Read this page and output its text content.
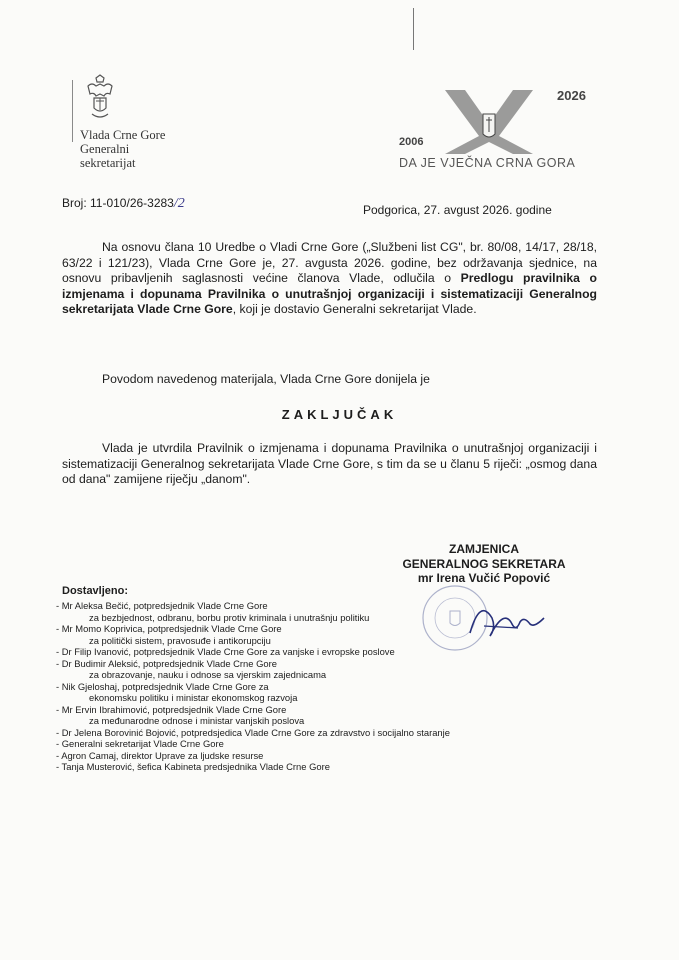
Vlada Crne Gore
Generalni
sekretarijat
2026
2006
DA JE VJEČNA CRNA GORA
Broj: 11-010/26-3283/2	Podgorica, 27. avgust 2026. godine

Na osnovu člana 10 Uredbe o Vladi Crne Gore („Službeni list CG", br. 80/08, 14/17, 28/18, 63/22 i 121/23), Vlada Crne Gore je, 27. avgusta 2026. godine, bez održavanja sjednice, na osnovu pribavljenih saglasnosti većine članova Vlade, odlučila o Predlogu pravilnika o izmjenama i dopunama Pravilnika o unutrašnjoj organizaciji i sistematizaciji Generalnog sekretarijata Vlade Crne Gore, koji je dostavio Generalni sekretarijat Vlade.

Povodom navedenog materijala, Vlada Crne Gore donijela je

ZAKLJUČAK

Vlada je utvrdila Pravilnik o izmjenama i dopunama Pravilnika o unutrašnjoj organizaciji i sistematizaciji Generalnog sekretarijata Vlade Crne Gore, s tim da se u članu 5 riječi: „osmog dana od dana" zamijene riječju „danom".

ZAMJENICA
GENERALNOG SEKRETARA
mr Irena Vučić Popović
Dostavljeno:
- Mr Aleksa Bečić, potpredsjednik Vlade Crne Gore
za bezbjednost, odbranu, borbu protiv kriminala i unutrašnju politiku
- Mr Momo Koprivica, potpredsjednik Vlade Crne Gore
za politički sistem, pravosuđe i antikorupciju
- Dr Filip Ivanović, potpredsjednik Vlade Crne Gore za vanjske i evropske poslove
- Dr Budimir Aleksić, potpredsjednik Vlade Crne Gore
za obrazovanje, nauku i odnose sa vjerskim zajednicama
- Nik Gjeloshaj, potpredsjednik Vlade Crne Gore za
ekonomsku politiku i ministar ekonomskog razvoja
- Mr Ervin Ibrahimović, potpredsjednik Vlade Crne Gore
za međunarodne odnose i ministar vanjskih poslova
- Dr Jelena Borovinić Bojović, potpredsjedica Vlade Crne Gore za zdravstvo i socijalno staranje
- Generalni sekretarijat Vlade Crne Gore
- Agron Camaj, direktor Uprave za ljudske resurse
- Tanja Musterović, šefica Kabineta predsjednika Vlade Crne Gore
